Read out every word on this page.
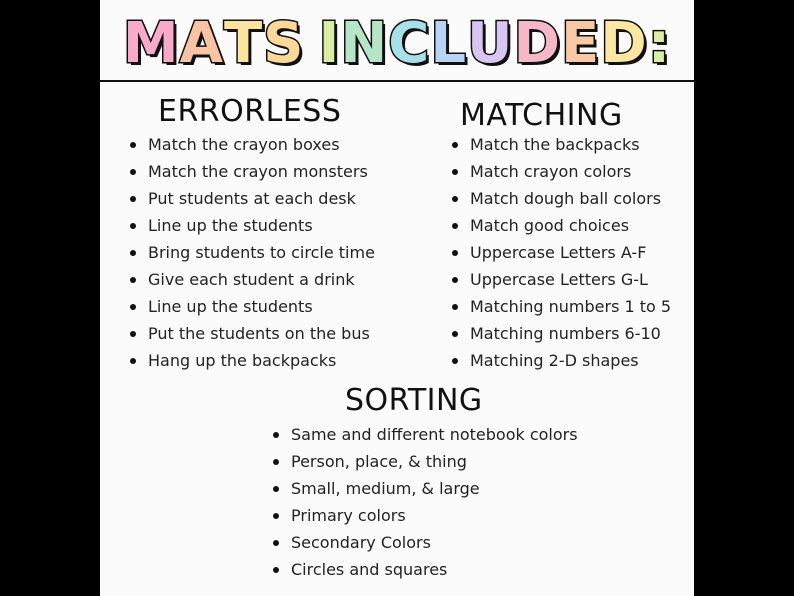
MATS INCLUDED:
ERRORLESS
Match the crayon boxes
Match the crayon monsters
Put students at each desk
Line up the students
Bring students to circle time
Give each student a drink
Line up the students
Put the students on the bus
Hang up the backpacks
MATCHING
Match the backpacks
Match crayon colors
Match dough ball colors
Match good choices
Uppercase Letters A-F
Uppercase Letters G-L
Matching numbers 1 to 5
Matching numbers 6-10
Matching 2-D shapes
SORTING
Same and different notebook colors
Person, place, & thing
Small, medium, & large
Primary colors
Secondary Colors
Circles and squares
